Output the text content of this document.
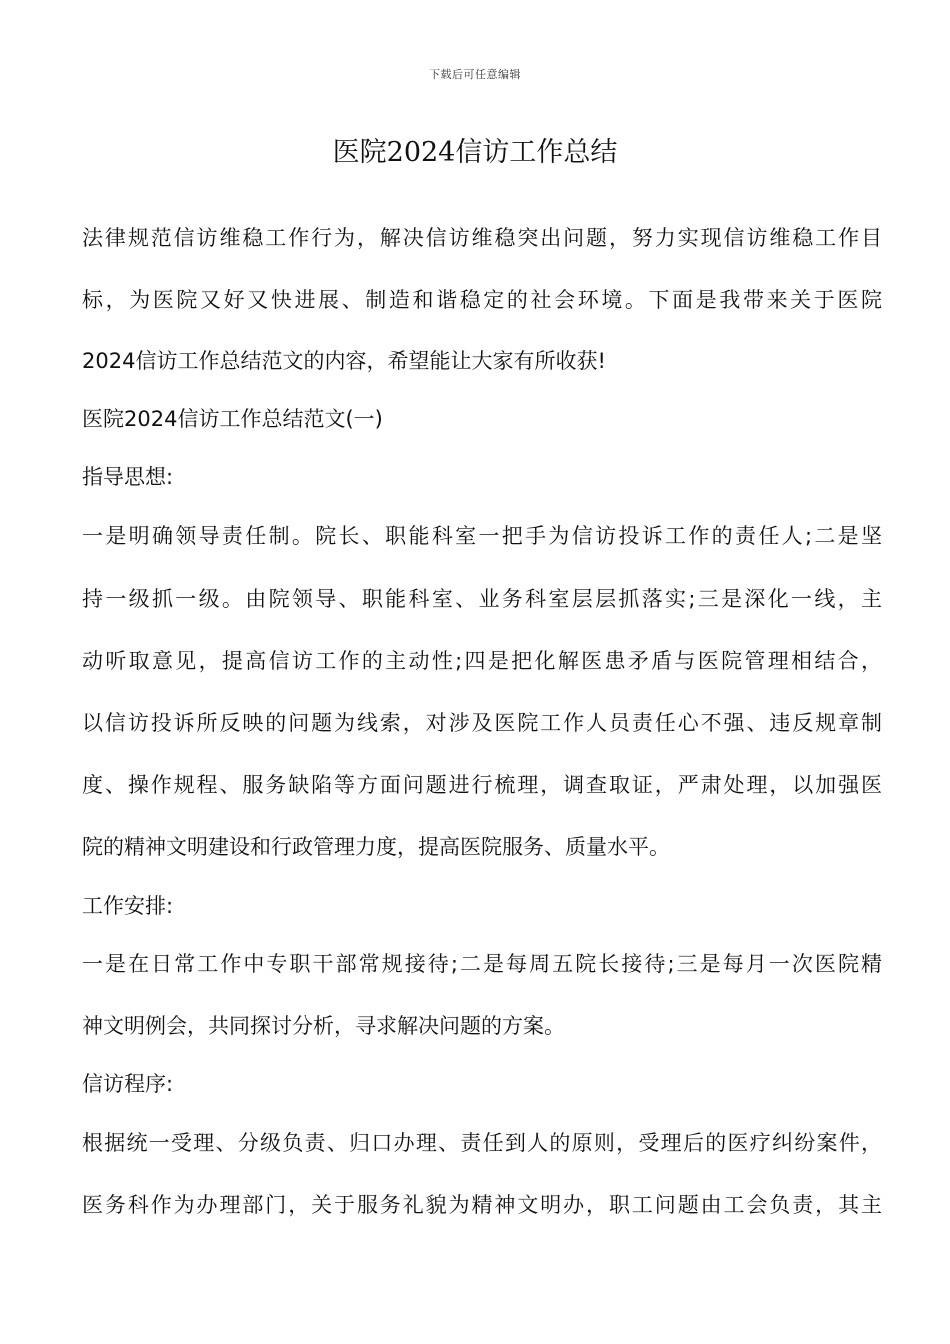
下载后可任意编辑
医院2024信访工作总结
法律规范信访维稳工作行为，解决信访维稳突出问题，努力实现信访维稳工作目
标，为医院又好又快进展、制造和谐稳定的社会环境。下面是我带来关于医院
2024信访工作总结范文的内容，希望能让大家有所收获!
医院2024信访工作总结范文(一)
指导思想:
一是明确领导责任制。院长、职能科室一把手为信访投诉工作的责任人;二是坚
持一级抓一级。由院领导、职能科室、业务科室层层抓落实;三是深化一线，主
动听取意见，提高信访工作的主动性;四是把化解医患矛盾与医院管理相结合，
以信访投诉所反映的问题为线索，对涉及医院工作人员责任心不强、违反规章制
度、操作规程、服务缺陷等方面问题进行梳理，调查取证，严肃处理，以加强医
院的精神文明建设和行政管理力度，提高医院服务、质量水平。
工作安排:
一是在日常工作中专职干部常规接待;二是每周五院长接待;三是每月一次医院精
神文明例会，共同探讨分析，寻求解决问题的方案。
信访程序:
根据统一受理、分级负责、归口办理、责任到人的原则，受理后的医疗纠纷案件，
医务科作为办理部门，关于服务礼貌为精神文明办，职工问题由工会负责，其主
